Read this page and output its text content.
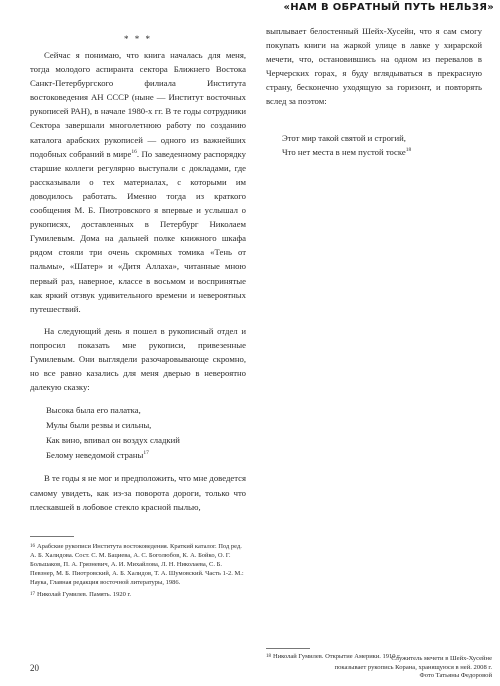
«НАМ В ОБРАТНЫЙ ПУТЬ НЕЛЬЗЯ»
* * *

Сейчас я понимаю, что книга началась для меня, тогда молодого аспиранта сектора Ближнего Востока Санкт-Петербургского филиала Института востоковедения АН СССР (ныне — Институт восточных рукописей РАН), в начале 1980-х гг. В те годы сотрудники Сектора завершали многолетнюю работу по созданию каталога арабских рукописей — одного из важнейших подобных собраний в мире$^{16}$. По заведенному распорядку старшие коллеги регулярно выступали с докладами, где рассказывали о тех материалах, с которыми им доводилось работать. Именно тогда из краткого сообщения М. Б. Пиотровского я впервые и услышал о рукописях, доставленных в Петербург Николаем Гумилевым. Дома на дальней полке книжного шкафа рядом стояли три очень скромных томика «Тень от пальмы», «Шатер» и «Дитя Аллаха», читанные мною первый раз, наверное, классе в восьмом и воспринятые как яркий отзвук удивительного времени и невероятных путешествий.

На следующий день я пошел в рукописный отдел и попросил показать мне рукописи, привезенные Гумилевым. Они выглядели разочаровывающе скромно, но все равно казались для меня дверью в невероятно далекую сказку:

Высока была его палатка,
Мулы были резвы и сильны,
Как вино, впивал он воздух сладкий
Белому неведомой страны$^{17}$

В те годы я не мог и предположить, что мне доведется самому увидеть, как из-за поворота дороги, только что плескавшей в лобовое стекло красной пылью,

выплывает белостенный Шейх-Хусейн, что я сам смогу покупать книги на жаркой улице в лавке у хирарской мечети, что, остановившись на одном из перевалов в Черчерских горах, я буду вглядываться в прекрасную страну, бесконечно уходящую за горизонт, и повторять вслед за поэтом:

Этот мир такой святой и строгий,
Что нет места в нем пустой тоске$^{18}$

$^{16}$ Арабские рукописи Института востоковедения. Краткий каталог. Под ред. А. Б. Халидова. Сост. С. М. Бациева, А. С. Боголюбов, К. А. Бойко, О. Г. Большаков, П. А. Грязневич, А. И. Михайлова, Л. Н. Николаева, С. Б. Певзнер, М. Б. Пиотровский, А. Б. Халидов, Т. А. Шумовский. Часть 1-2. М.: Наука, Главная редакция восточной литературы, 1986.

$^{17}$ Николай Гумилев. Память. 1920 г.

$^{18}$ Николай Гумилев. Открытие Америки. 1910 г.

20
Служитель мечети в Шейх-Хусейне
показывает рукопись Корана, хранящуюся в ней. 2008 г.
Фото Татьяны Федоровой
